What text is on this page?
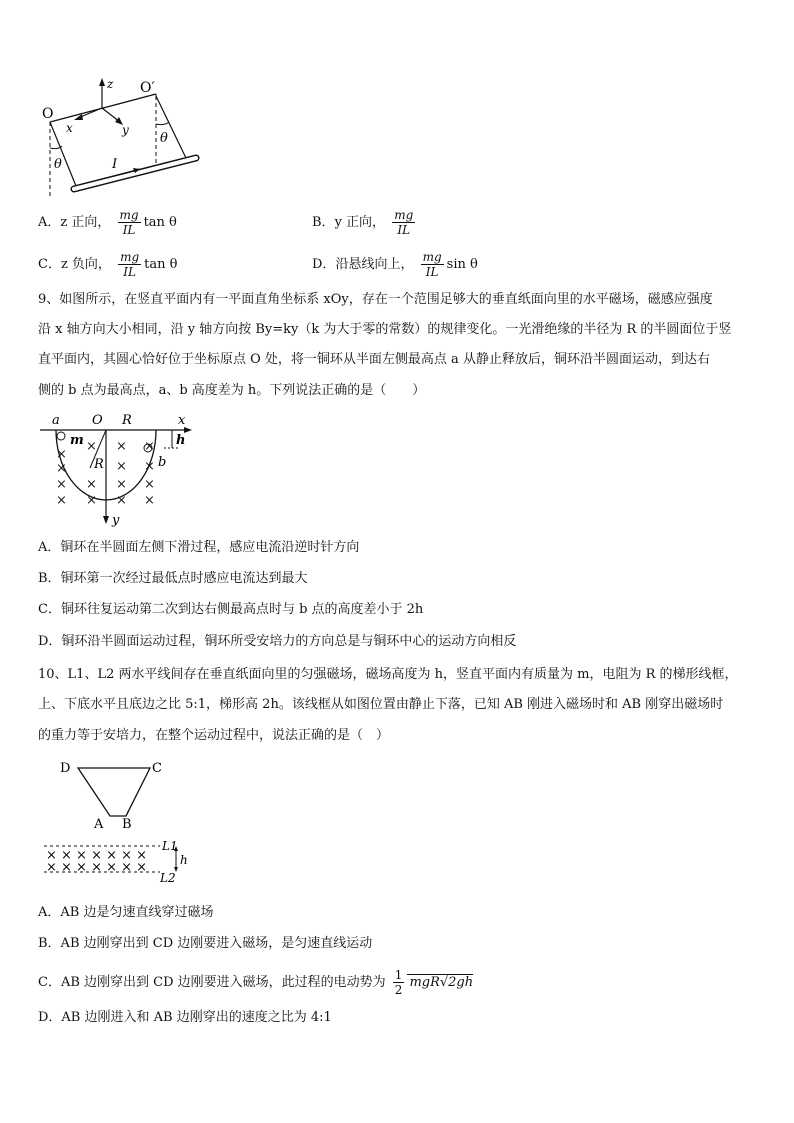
O
O′
z
x	y
θ
θ
I
A．z 正向， $\frac{mg}{IL}$ tan θ	B．y 正向， $\frac{mg}{IL}$
C．z 负向， $\frac{mg}{IL}$ tan θ	D．沿悬线向上， $\frac{mg}{IL}$ sin θ
9、如图所示，在竖直平面内有一平面直角坐标系 xOy，存在一个范围足够大的垂直纸面向里的水平磁场，磁感应强度
沿 x 轴方向大小相同，沿 y 轴方向按 By=ky（k 为大于零的常数）的规律变化。一光滑绝缘的半径为 R 的半圆面位于竖
直平面内，其圆心恰好位于坐标原点 O 处，将一铜环从半面左侧最高点 a 从静止释放后，铜环沿半圆面运动，到达右
侧的 b 点为最高点，a、b 高度差为 h。下列说法正确的是（　　）
×
× × ×
×	× ×
× × × ×
× × × ×
a O R	x
m	h
b
R
y
A．铜环在半圆面左侧下滑过程，感应电流沿逆时针方向
B．铜环第一次经过最低点时感应电流达到最大
C．铜环往复运动第二次到达右侧最高点时与 b 点的高度差小于 2h
D．铜环沿半圆面运动过程，铜环所受安培力的方向总是与铜环中心的运动方向相反
10、L1、L2 两水平线间存在垂直纸面向里的匀强磁场，磁场高度为 h，竖直平面内有质量为 m，电阻为 R 的梯形线框，
上、下底水平且底边之比 5:1，梯形高 2h。该线框从如图位置由静止下落，已知 AB 刚进入磁场时和 AB 刚穿出磁场时
的重力等于安培力，在整个运动过程中，说法正确的是（　）
D	C
A B
× × × × × × ×
× × × × × × ×
L1
h
L2
A．AB 边是匀速直线穿过磁场
B．AB 边刚穿出到 CD 边刚要进入磁场，是匀速直线运动
C．AB 边刚穿出到 CD 边刚要进入磁场，此过程的电动势为 $\frac{1}{2} mgR√2gh$
D．AB 边刚进入和 AB 边刚穿出的速度之比为 4:1
